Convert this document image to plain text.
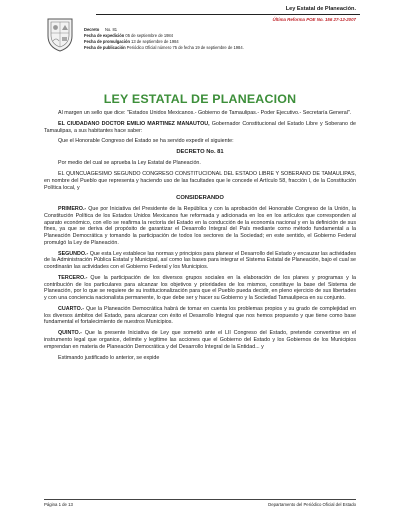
Ley Estatal de Planeación.
Última Reforma POE No. 156 27-12-2007
Decreto No. 81
Fecha de expedición 05 de septiembre de 1984
Fecha de promulgación 13 de septiembre de 1984
Fecha de publicación Periódico Oficial número 75 de fecha 19 de septiembre de 1984.
LEY ESTATAL DE PLANEACION

Al margen un sello que dice: "Estados Unidos Mexicanos.- Gobierno de Tamaulipas.- Poder Ejecutivo.- Secretaría General".

EL CIUDADANO DOCTOR EMILIO MARTINEZ MANAUTOU, Gobernador Constitucional del Estado Libre y Soberano de Tamaulipas, a sus habitantes hace saber:

Que el Honorable Congreso del Estado se ha servido expedir el siguiente:

DECRETO No. 81

Por medio del cual se aprueba la Ley Estatal de Planeación.

EL QUINCUAGESIMO SEGUNDO CONGRESO CONSTITUCIONAL DEL ESTADO LIBRE Y SOBERANO DE TAMAULIPAS, en nombre del Pueblo que representa y haciendo uso de las facultades que le concede el Artículo 58, fracción I, de la Constitución Política local, y

CONSIDERANDO

PRIMERO.- Que por Iniciativa del Presidente de la República y con la aprobación del Honorable Congreso de la Unión, la Constitución Política de los Estados Unidos Mexicanos fue reformada y adicionada en los en los artículos que corresponden al aparato económico, con ello se reafirma la rectoría del Estado en la conducción de la economía nacional y en la definición de sus fines, ya que se deriva del propósito de garantizar el Desarrollo Integral del País mediante como método fundamental a la Planeación Democrática y tomando la participación de todos los sectores de la Sociedad; en este sentido, el Gobierno Federal promulgó la Ley de Planeación.

SEGUNDO.- Que esta Ley establece las normas y principios para planear el Desarrollo del Estado y encauzar las actividades de la Administración Pública Estatal y Municipal, así como las bases para integrar el Sistema Estatal de Planeación, bajo el cual se coordinarán las actividades con el Gobierno Federal y los Municipios.

TERCERO.- Que la participación de los diversos grupos sociales en la elaboración de los planes y programas y la contribución de los particulares para alcanzar los objetivos y prioridades de los mismos, constituye la base del Sistema de Planeación, por lo que se requiere de su institucionalización para que el Pueblo pueda decidir, en pleno ejercicio de sus libertades y con una conciencia nacionalista permanente, lo que debe ser y hacer su Gobierno y la Sociedad Tamaulipeca en su conjunto.

CUARTO.- Que la Planeación Democrática habrá de tomar en cuenta los problemas propios y su grado de complejidad en los diversos ámbitos del Estado, para alcanzar con éxito el Desarrollo Integral que nos hemos propuesto y que tiene como base fundamental el fortalecimiento de nuestros Municipios.

QUINTO.- Que la presente Iniciativa de Ley que sometió ante el LII Congreso del Estado, pretende convertirse en el instrumento legal que organice, delimite y legitime las acciones que el Gobierno del Estado y los Gobiernos de los Municipios emprendan en materia de Planeación Democrática y del Desarrollo Integral de la Entidad... y

Estimando justificado lo anterior, se expide

Página 1 de 13	Departamento del Periódico Oficial del Estado
